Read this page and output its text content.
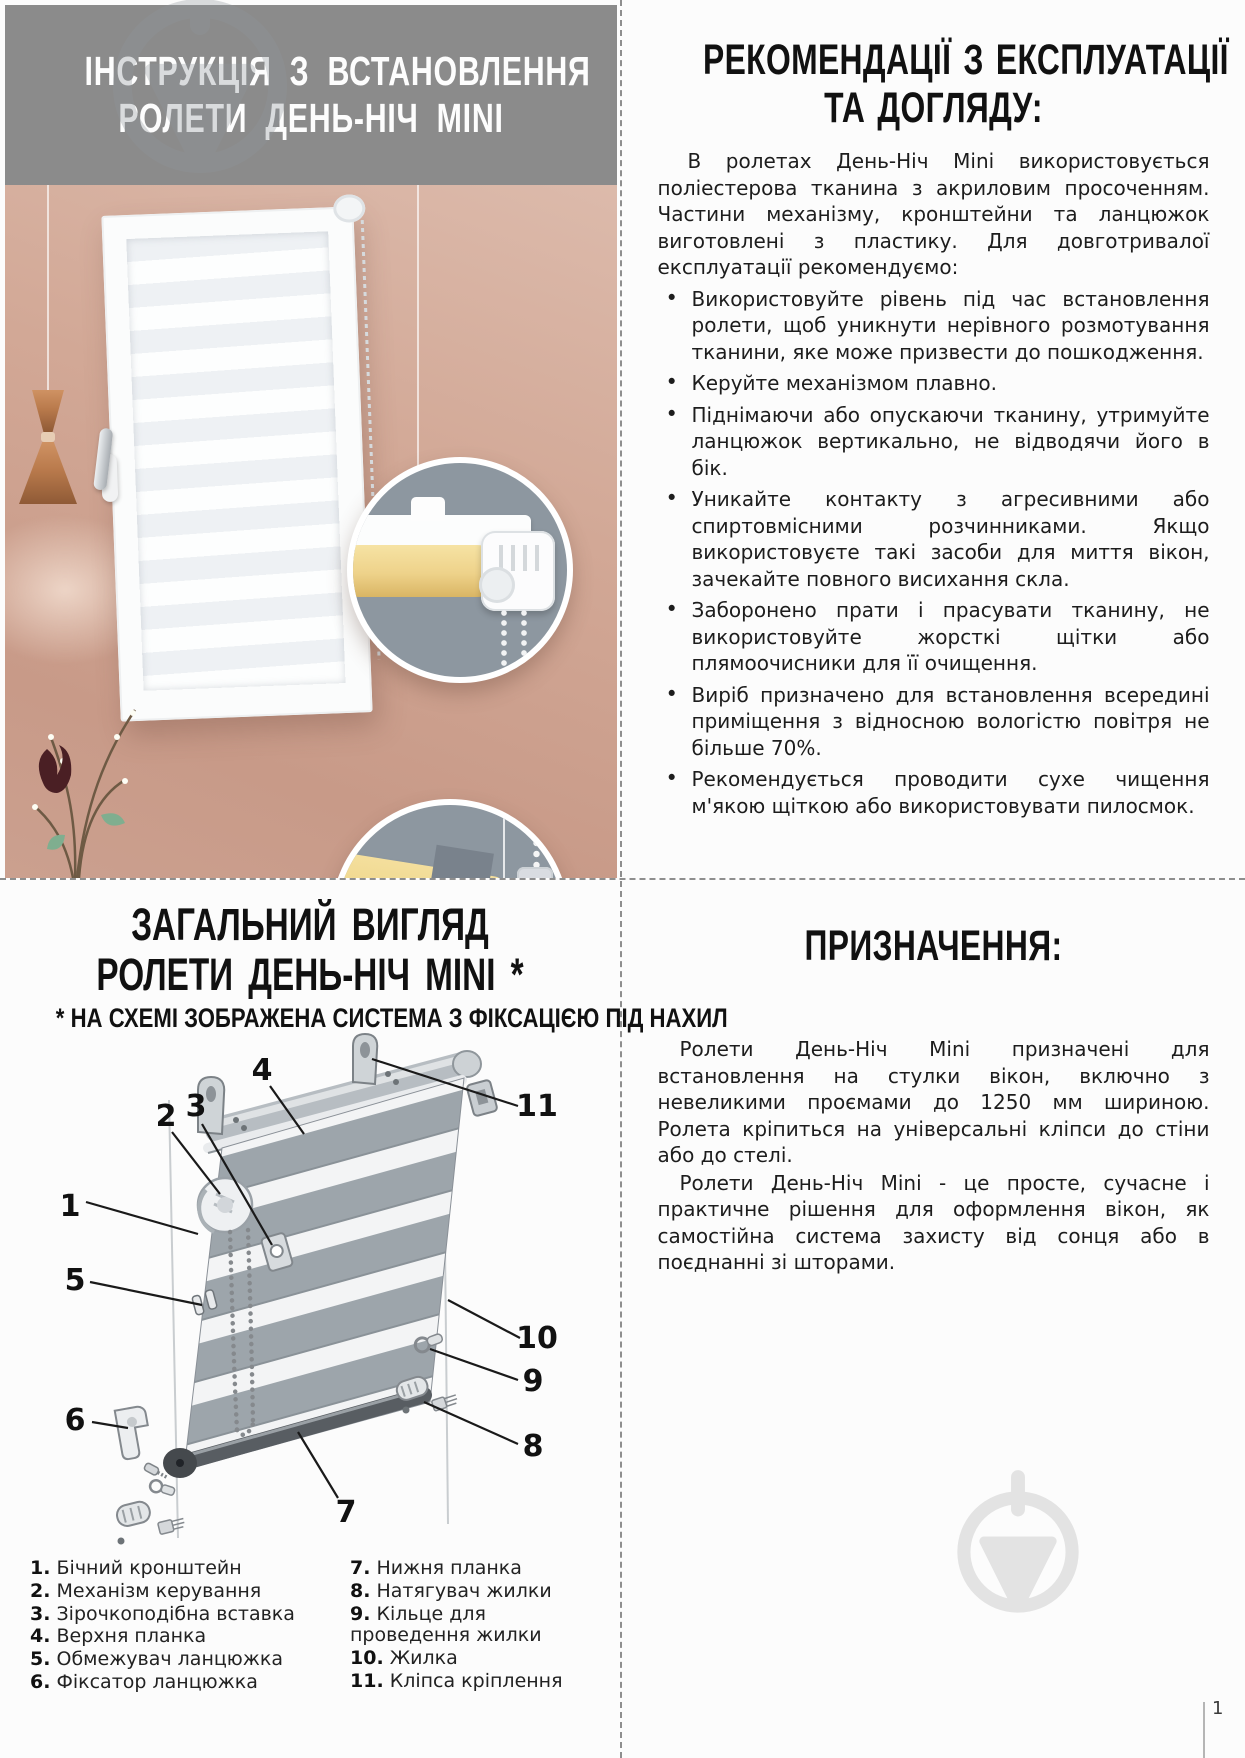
ІНСТРУКЦІЯ З ВСТАНОВЛЕННЯ
РОЛЕТИ ДЕНЬ-НІЧ MINI
РЕКОМЕНДАЦІЇ З ЕКСПЛУАТАЦІЇ
ТА ДОГЛЯДУ:

В ролетах День-Ніч Mini використовується поліестерова тканина з акриловим просоченням. Частини механізму, кронштейни та ланцюжок виготовлені з пластику. Для довготривалої експлуатації рекомендуємо:

• Використовуйте рівень під час встановлення ролети, щоб уникнути нерівного розмотування тканини, яке може призвести до пошкодження.
• Керуйте механізмом плавно.
• Піднімаючи або опускаючи тканину, утримуйте ланцюжок вертикально, не відводячи його в бік.
• Уникайте контакту з агресивними або спиртовмісними розчинниками. Якщо використовуєте такі засоби для миття вікон, зачекайте повного висихання скла.
• Заборонено прати і прасувати тканину, не використовуйте жорсткі щітки або плямоочисники для її очищення.
• Виріб призначено для встановлення всередині приміщення з відносною вологістю повітря не більше 70%.
• Рекомендується проводити сухе чищення м'якою щіткою або використовувати пилосмок.
ЗАГАЛЬНИЙ ВИГЛЯД
РОЛЕТИ ДЕНЬ-НІЧ MINI *
* НА СХЕМІ ЗОБРАЖЕНА СИСТЕМА З ФІКСАЦІЄЮ ПІД НАХИЛ
1
2 3
4
5
6
7
8
9
10
11
1. Бічний кронштейн
2. Механізм керування
3. Зірочкоподібна вставка
4. Верхня планка
5. Обмежувач ланцюжка
6. Фіксатор ланцюжка
7. Нижня планка
8. Натягувач жилки
9. Кільце для проведення жилки
10. Жилка
11. Кліпса кріплення
ПРИЗНАЧЕННЯ:

Ролети День-Ніч Mini призначені для встановлення на стулки вікон, включно з невеликими проємами до 1250 мм шириною. Ролета кріпиться на універсальні кліпси до стіни або до стелі.

Ролети День-Ніч Mini - це просте, сучасне і практичне рішення для оформлення вікон, як самостійна система захисту від сонця або в поєднанні зі шторами.

1
